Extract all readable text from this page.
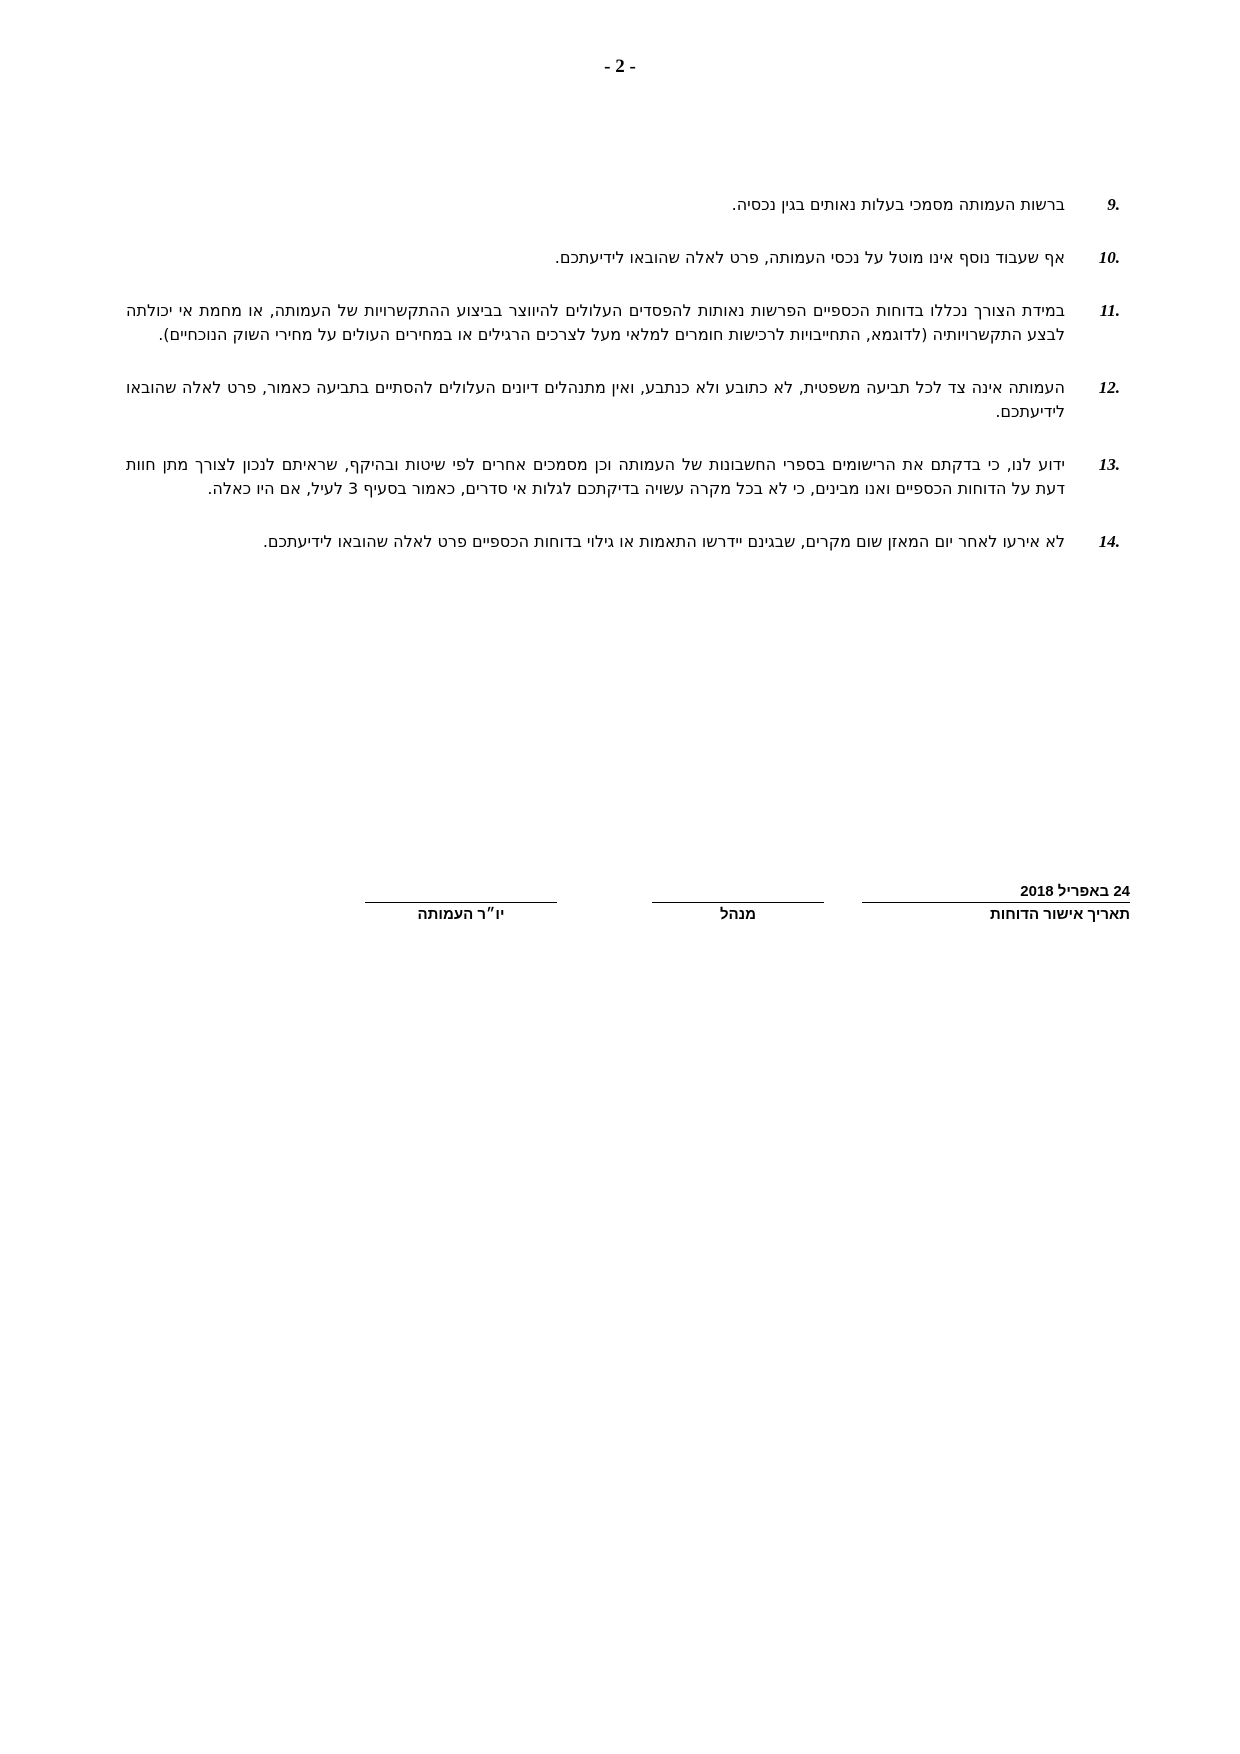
- 2 -
9.
ברשות העמותה מסמכי בעלות נאותים בגין נכסיה.
10.
אף שעבוד נוסף אינו מוטל על נכסי העמותה, פרט לאלה שהובאו לידיעתכם.
11.
במידת הצורך נכללו בדוחות הכספיים הפרשות נאותות להפסדים העלולים להיווצר בביצוע ההתקשרויות של העמותה, או מחמת אי יכולתה לבצע התקשרויותיה (לדוגמא, התחייבויות לרכישות חומרים למלאי מעל לצרכים הרגילים או במחירים העולים על מחירי השוק הנוכחיים).
12.
העמותה אינה צד לכל תביעה משפטית, לא כתובע ולא כנתבע, ואין מתנהלים דיונים העלולים להסתיים בתביעה כאמור, פרט לאלה שהובאו לידיעתכם.
13.
ידוע לנו, כי בדקתם את הרישומים בספרי החשבונות של העמותה וכן מסמכים אחרים לפי שיטות ובהיקף, שראיתם לנכון לצורך מתן חוות דעת על הדוחות הכספיים ואנו מבינים, כי לא בכל מקרה עשויה בדיקתכם לגלות אי סדרים, כאמור בסעיף 3 לעיל, אם היו כאלה.
14.
לא אירעו לאחר יום המאזן שום מקרים, שבגינם יידרשו התאמות או גילוי בדוחות הכספיים פרט לאלה שהובאו לידיעתכם.
24 באפריל 2018
תאריך אישור הדוחות
מנהל
יו״ר העמותה
